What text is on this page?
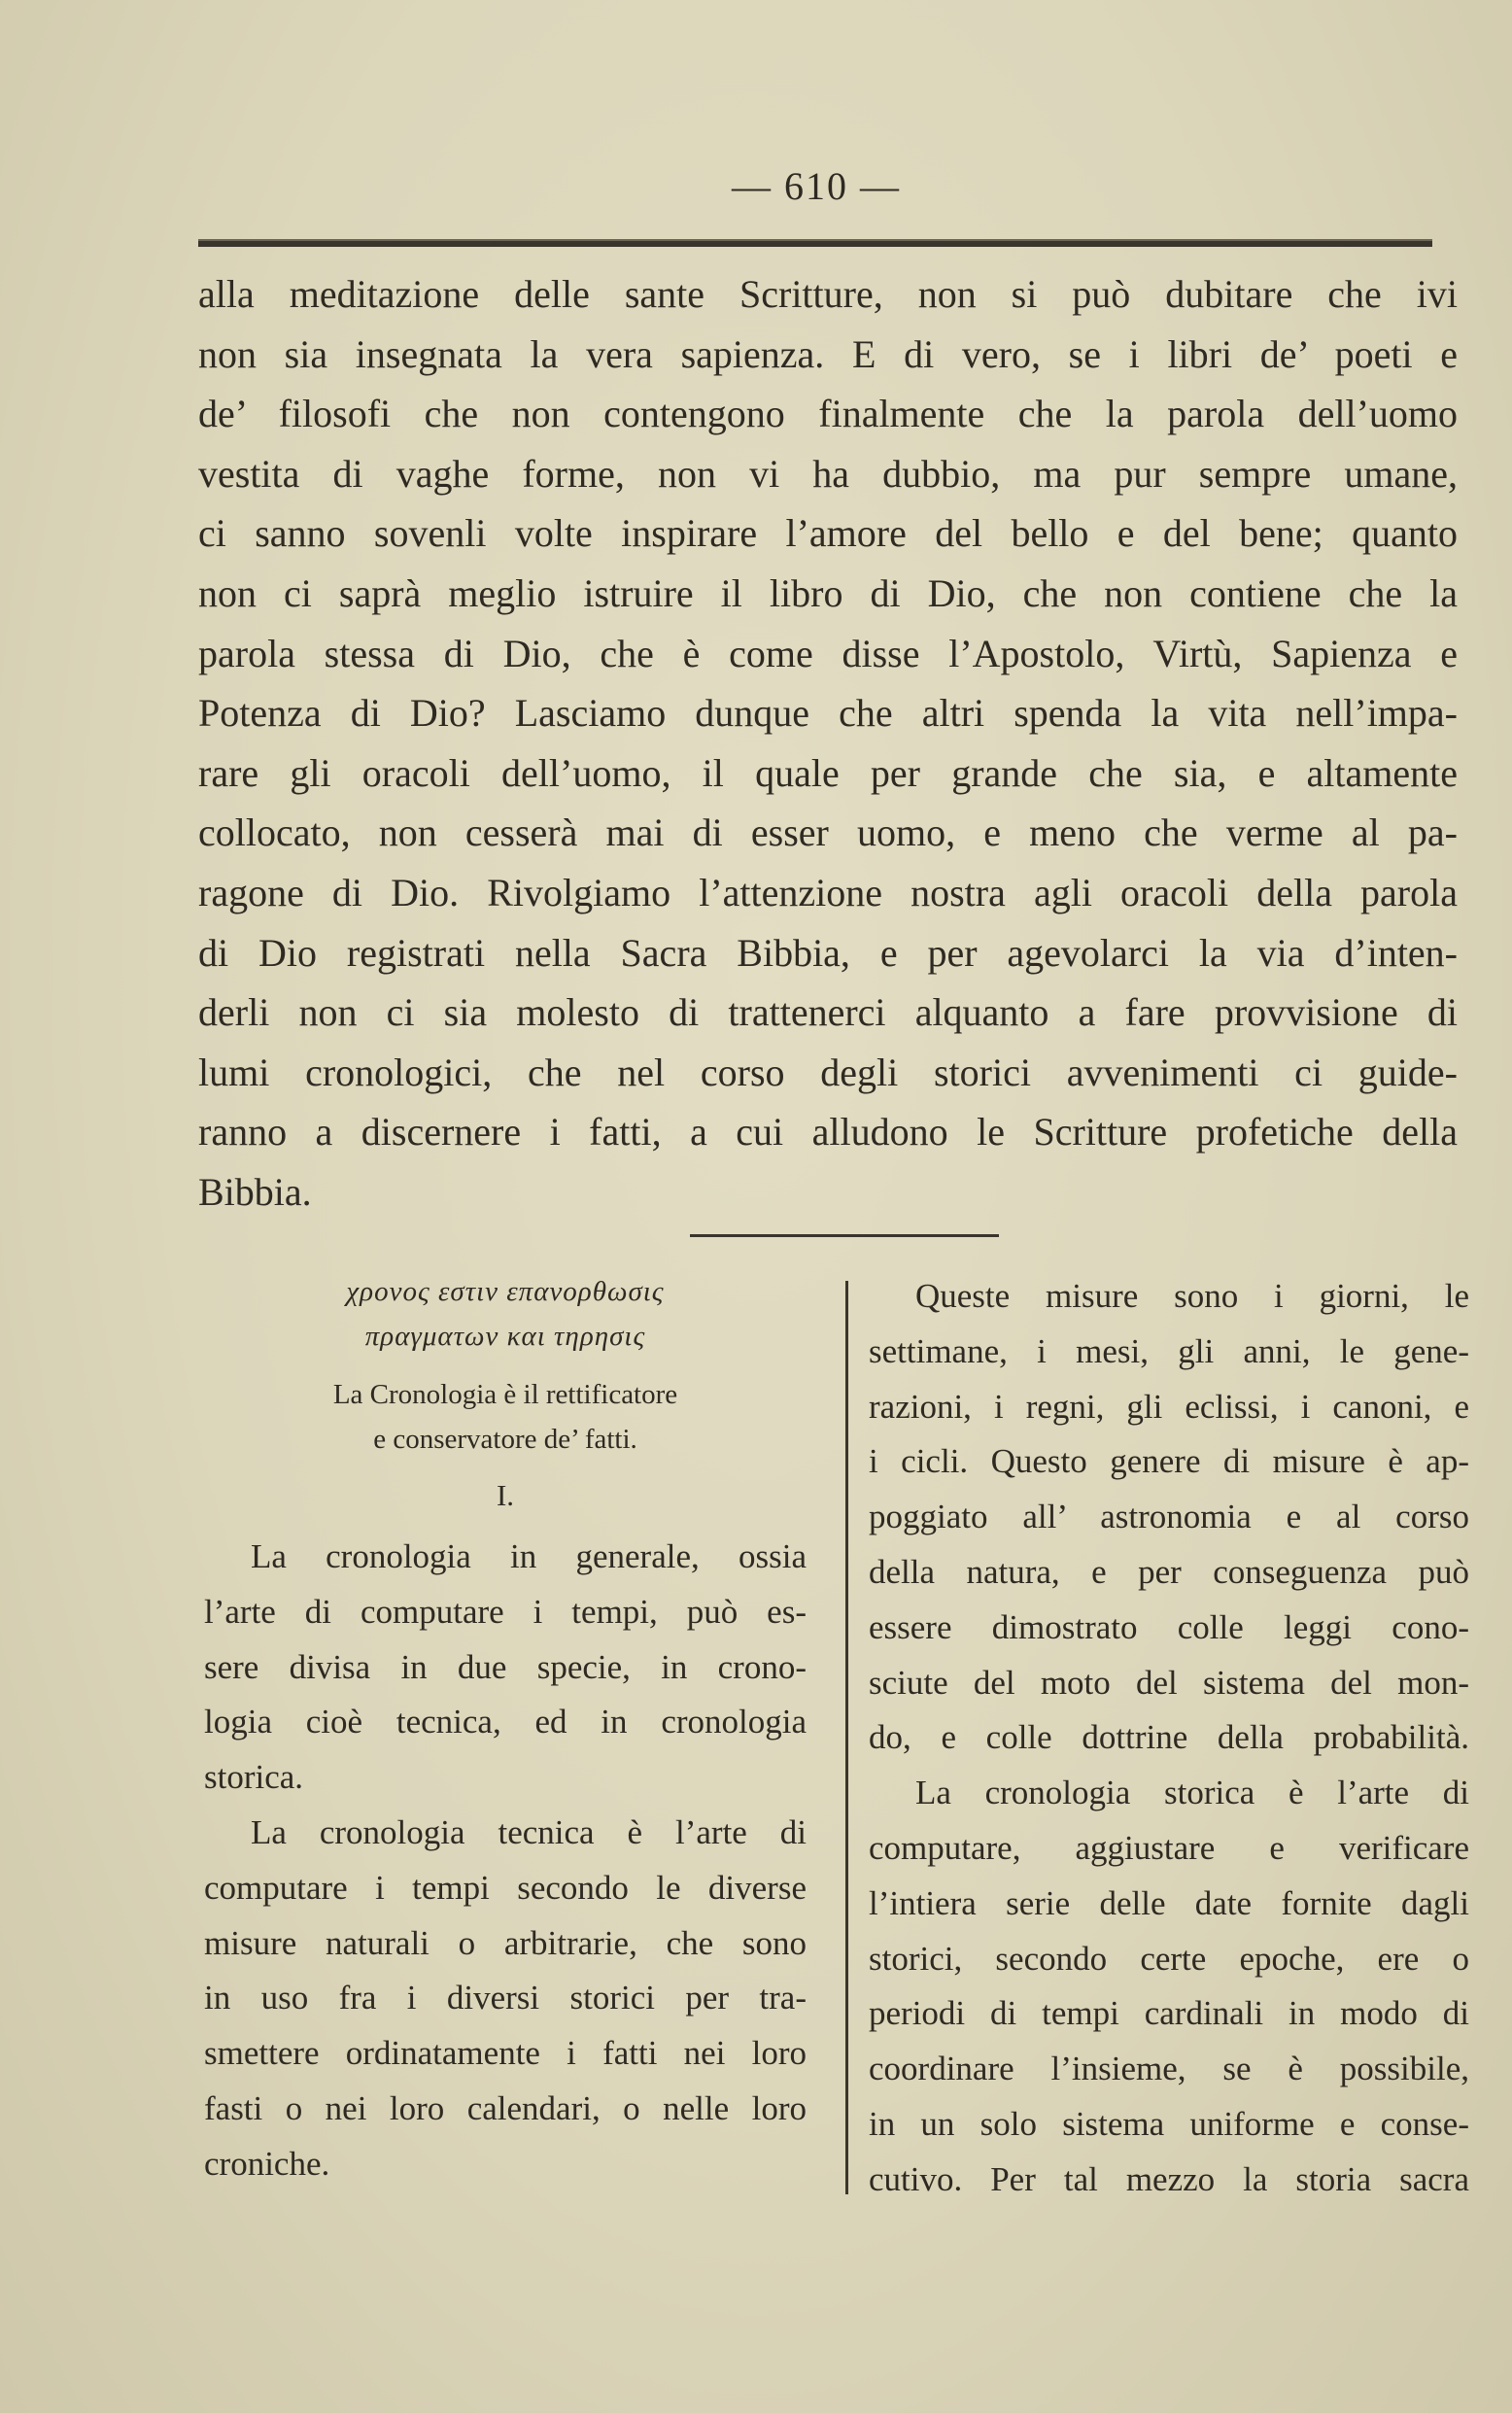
— 610 —
alla meditazione delle sante Scritture, non si può dubitare che ivi
non sia insegnata la vera sapienza. E di vero, se i libri de’ poeti e
de’ filosofi che non contengono finalmente che la parola dell’uomo
vestita di vaghe forme, non vi ha dubbio, ma pur sempre umane,
ci sanno sovenli volte inspirare l’amore del bello e del bene; quanto
non ci saprà meglio istruire il libro di Dio, che non contiene che la
parola stessa di Dio, che è come disse l’Apostolo, Virtù, Sapienza e
Potenza di Dio? Lasciamo dunque che altri spenda la vita nell’impa-
rare gli oracoli dell’uomo, il quale per grande che sia, e altamente
collocato, non cesserà mai di esser uomo, e meno che verme al pa-
ragone di Dio. Rivolgiamo l’attenzione nostra agli oracoli della parola
di Dio registrati nella Sacra Bibbia, e per agevolarci la via d’inten-
derli non ci sia molesto di trattenerci alquanto a fare provvisione di
lumi cronologici, che nel corso degli storici avvenimenti ci guide-
ranno a discernere i fatti, a cui alludono le Scritture profetiche della
Bibbia.
χρονος εστιν επανορθωσις
πραγματων και τηρησις
La Cronologia è il rettificatore
e conservatore de’ fatti.
I.
La cronologia in generale, ossia
l’arte di computare i tempi, può es-
sere divisa in due specie, in crono-
logia cioè tecnica, ed in cronologia
storica.
La cronologia tecnica è l’arte di
computare i tempi secondo le diverse
misure naturali o arbitrarie, che sono
in uso fra i diversi storici per tra-
smettere ordinatamente i fatti nei loro
fasti o nei loro calendari, o nelle loro
croniche.
Queste misure sono i giorni, le
settimane, i mesi, gli anni, le gene-
razioni, i regni, gli eclissi, i canoni, e
i cicli. Questo genere di misure è ap-
poggiato all’ astronomia e al corso
della natura, e per conseguenza può
essere dimostrato colle leggi cono-
sciute del moto del sistema del mon-
do, e colle dottrine della probabilità.
La cronologia storica è l’arte di
computare, aggiustare e verificare
l’intiera serie delle date fornite dagli
storici, secondo certe epoche, ere o
periodi di tempi cardinali in modo di
coordinare l’insieme, se è possibile,
in un solo sistema uniforme e conse-
cutivo. Per tal mezzo la storia sacra
